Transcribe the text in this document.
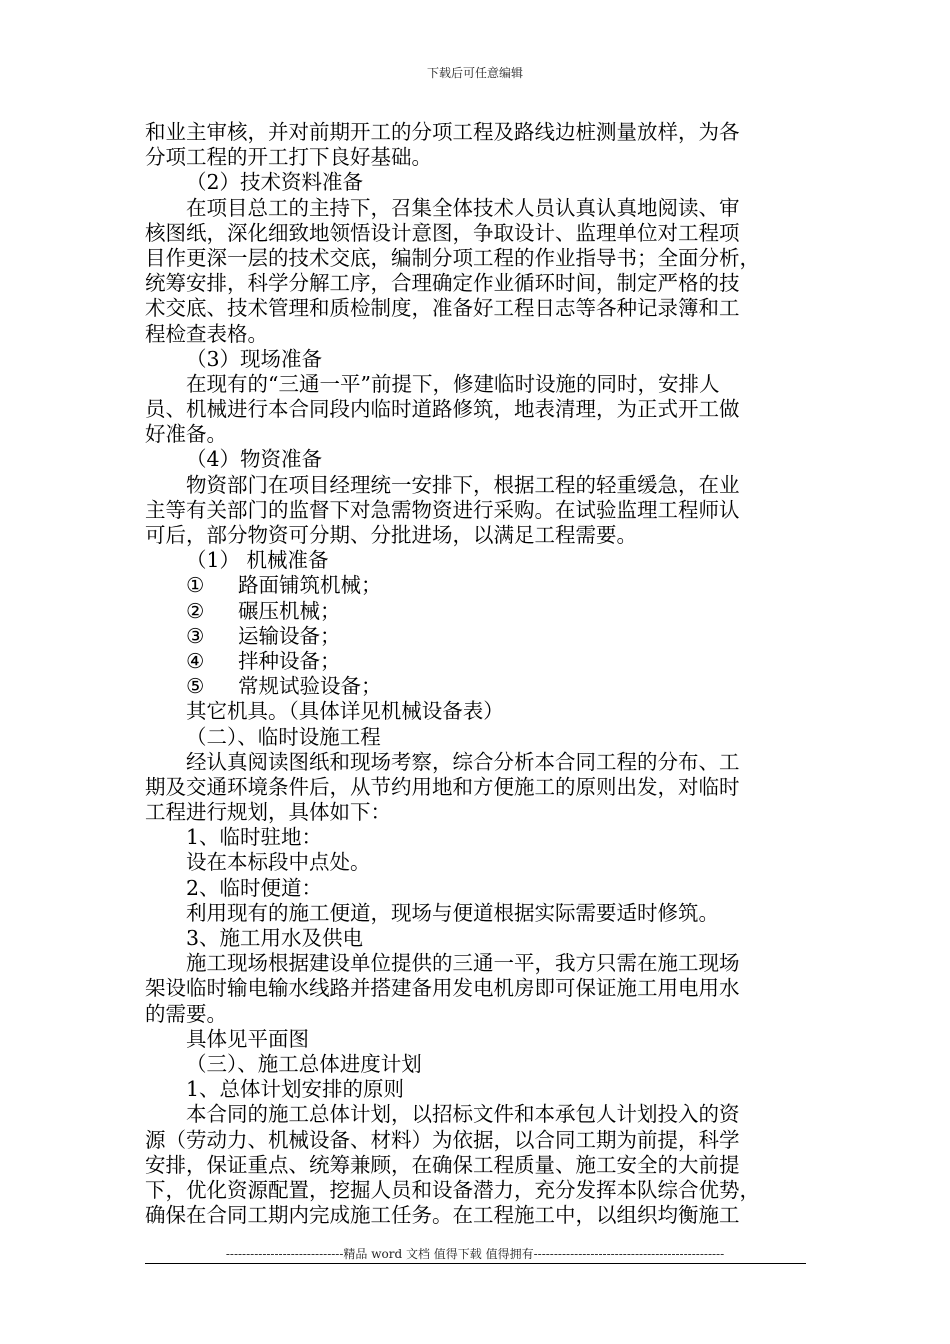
下载后可任意编辑
和业主审核，并对前期开工的分项工程及路线边桩测量放样，为各
分项工程的开工打下良好基础。
（2）技术资料准备
在项目总工的主持下，召集全体技术人员认真认真地阅读、审
核图纸，深化细致地领悟设计意图，争取设计、监理单位对工程项
目作更深一层的技术交底，编制分项工程的作业指导书；全面分析，
统筹安排，科学分解工序，合理确定作业循环时间，制定严格的技
术交底、技术管理和质检制度，准备好工程日志等各种记录簿和工
程检查表格。
（3）现场准备
在现有的“三通一平”前提下，修建临时设施的同时，安排人
员、机械进行本合同段内临时道路修筑，地表清理，为正式开工做
好准备。
（4）物资准备
物资部门在项目经理统一安排下，根据工程的轻重缓急，在业
主等有关部门的监督下对急需物资进行采购。在试验监理工程师认
可后，部分物资可分期、分批进场，以满足工程需要。
（1） 机械准备
① 路面铺筑机械；
② 碾压机械；
③ 运输设备；
④ 拌种设备；
⑤ 常规试验设备；
其它机具。（具体详见机械设备表）
（二）、临时设施工程
经认真阅读图纸和现场考察，综合分析本合同工程的分布、工
期及交通环境条件后，从节约用地和方便施工的原则出发，对临时
工程进行规划，具体如下：
1、临时驻地：
设在本标段中点处。
2、临时便道：
利用现有的施工便道，现场与便道根据实际需要适时修筑。
3、施工用水及供电
施工现场根据建设单位提供的三通一平，我方只需在施工现场
架设临时输电输水线路并搭建备用发电机房即可保证施工用电用水
的需要。
具体见平面图
（三）、施工总体进度计划
1、总体计划安排的原则
本合同的施工总体计划，以招标文件和本承包人计划投入的资
源（劳动力、机械设备、材料）为依据，以合同工期为前提，科学
安排，保证重点、统筹兼顾，在确保工程质量、施工安全的大前提
下，优化资源配置，挖掘人员和设备潜力，充分发挥本队综合优势，
确保在合同工期内完成施工任务。在工程施工中，以组织均衡施工
-----------------------------精品 word 文档 值得下载 值得拥有-----------------------------------------------
